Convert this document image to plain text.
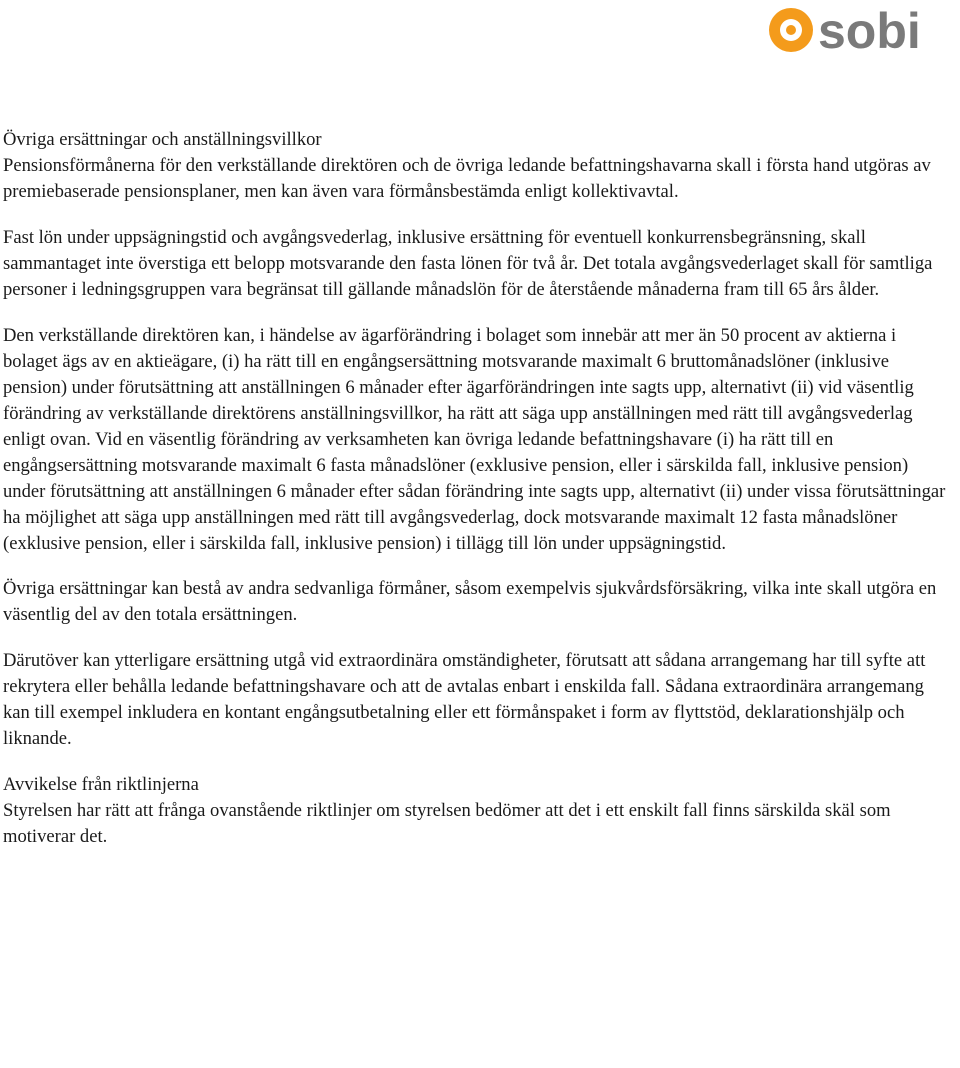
sobi
Övriga ersättningar och anställningsvillkor

Pensionsförmånerna för den verkställande direktören och de övriga ledande befattningshavarna skall i första hand utgöras av premiebaserade pensionsplaner, men kan även vara förmånsbestämda enligt kollektivavtal.

Fast lön under uppsägningstid och avgångsvederlag, inklusive ersättning för eventuell konkurrensbegränsning, skall sammantaget inte överstiga ett belopp motsvarande den fasta lönen för två år. Det totala avgångsvederlaget skall för samtliga personer i ledningsgruppen vara begränsat till gällande månadslön för de återstående månaderna fram till 65 års ålder.

Den verkställande direktören kan, i händelse av ägarförändring i bolaget som innebär att mer än 50 procent av aktierna i bolaget ägs av en aktieägare, (i) ha rätt till en engångsersättning motsvarande maximalt 6 bruttomånadslöner (inklusive pension) under förutsättning att anställningen 6 månader efter ägarförändringen inte sagts upp, alternativt (ii) vid väsentlig förändring av verkställande direktörens anställningsvillkor, ha rätt att säga upp anställningen med rätt till avgångsvederlag enligt ovan. Vid en väsentlig förändring av verksamheten kan övriga ledande befattningshavare (i) ha rätt till en engångsersättning motsvarande maximalt 6 fasta månadslöner (exklusive pension, eller i särskilda fall, inklusive pension) under förutsättning att anställningen 6 månader efter sådan förändring inte sagts upp, alternativt (ii) under vissa förutsättningar ha möjlighet att säga upp anställningen med rätt till avgångsvederlag, dock motsvarande maximalt 12 fasta månadslöner (exklusive pension, eller i särskilda fall, inklusive pension) i tillägg till lön under uppsägningstid.

Övriga ersättningar kan bestå av andra sedvanliga förmåner, såsom exempelvis sjukvårdsförsäkring, vilka inte skall utgöra en väsentlig del av den totala ersättningen.

Därutöver kan ytterligare ersättning utgå vid extraordinära omständigheter, förutsatt att sådana arrangemang har till syfte att rekrytera eller behålla ledande befattningshavare och att de avtalas enbart i enskilda fall. Sådana extraordinära arrangemang kan till exempel inkludera en kontant engångsutbetalning eller ett förmånspaket i form av flyttstöd, deklarationshjälp och liknande.

Avvikelse från riktlinjerna

Styrelsen har rätt att frånga ovanstående riktlinjer om styrelsen bedömer att det i ett enskilt fall finns särskilda skäl som motiverar det.
